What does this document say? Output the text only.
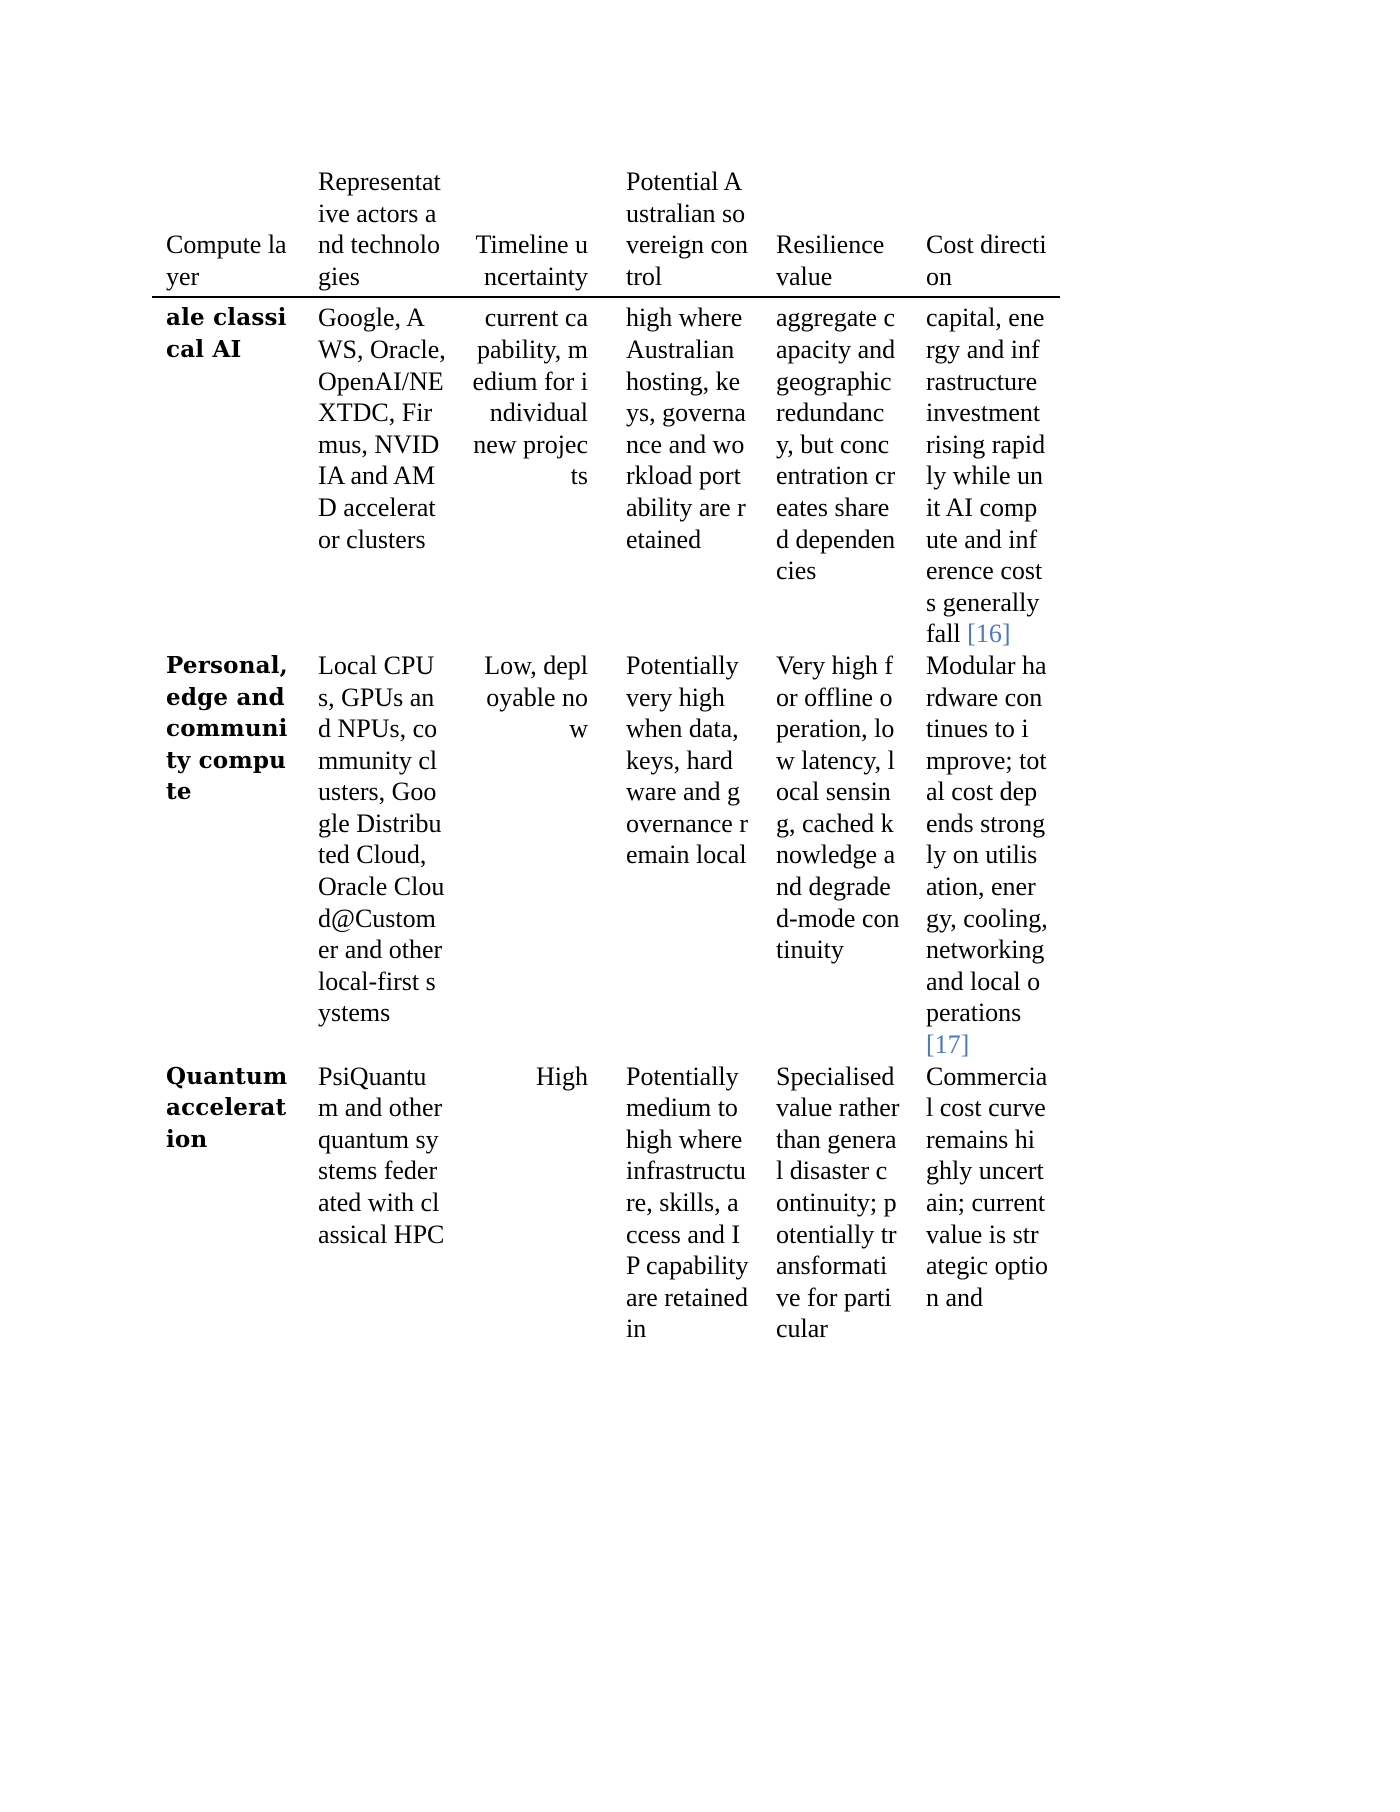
Compute layer	Representative actors and technologies	Timeline uncertainty	Potential Australian sovereign control	Resilience value	Cost direction
ale classical AI	Google, AWS, Oracle, OpenAI/NEXTDC, Firmus, NVIDIA and AMD accelerator clusters	current capability, medium for individual new projects	high where Australian hosting, keys, governance and workload portability are retained	aggregate capacity and geographic redundancy, but concentration creates shared dependencies	capital, energy and infrastructure investment rising rapidly while unit AI compute and inference costs generally fall [16]
Personal, edge and community compute	Local CPUs, GPUs and NPUs, community clusters, Google Distributed Cloud, Oracle Cloud@Customer and other local-first systems	Low, deployable now	Potentially very high when data, keys, hardware and governance remain local	Very high for offline operation, low latency, local sensing, cached knowledge and degraded-mode continuity	Modular hardware continues to improve; total cost depends strongly on utilisation, energy, cooling, networking and local operations [17]
Quantum acceleration	PsiQuantum and other quantum systems federated with classical HPC	High	Potentially medium to high where infrastructure, skills, access and IP capability are retained in	Specialised value rather than general disaster continuity; potentially transformative for particular	Commercial cost curve remains highly uncertain; current value is strategic option and
